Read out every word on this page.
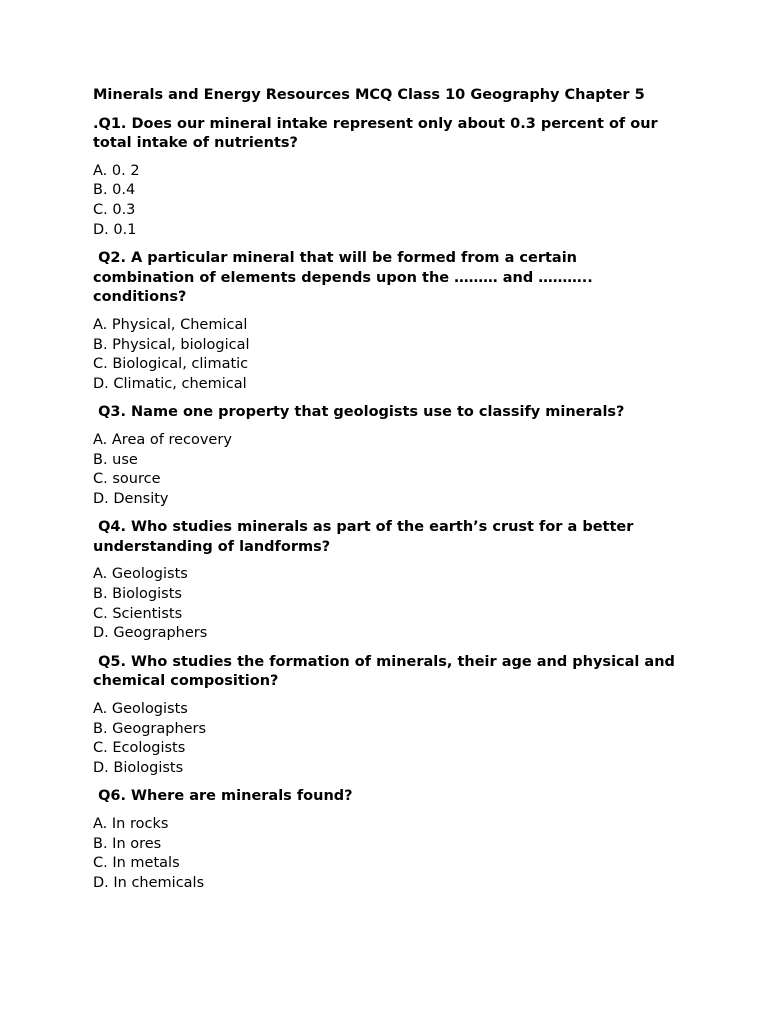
Minerals and Energy Resources MCQ Class 10 Geography Chapter 5
.Q1. Does our mineral intake represent only about 0.3 percent of our total intake of nutrients?
A. 0. 2
B. 0.4
C. 0.3
D. 0.1
Q2. A particular mineral that will be formed from a certain combination of elements depends upon the ……… and ……….. conditions?
A. Physical, Chemical
B. Physical, biological
C. Biological, climatic
D. Climatic, chemical
Q3. Name one property that geologists use to classify minerals?
A. Area of recovery
B. use
C. source
D. Density
Q4. Who studies minerals as part of the earth’s crust for a better understanding of landforms?
A. Geologists
B. Biologists
C. Scientists
D. Geographers
Q5. Who studies the formation of minerals, their age and physical and chemical composition?
A. Geologists
B. Geographers
C. Ecologists
D. Biologists
Q6. Where are minerals found?
A. In rocks
B. In ores
C. In metals
D. In chemicals
